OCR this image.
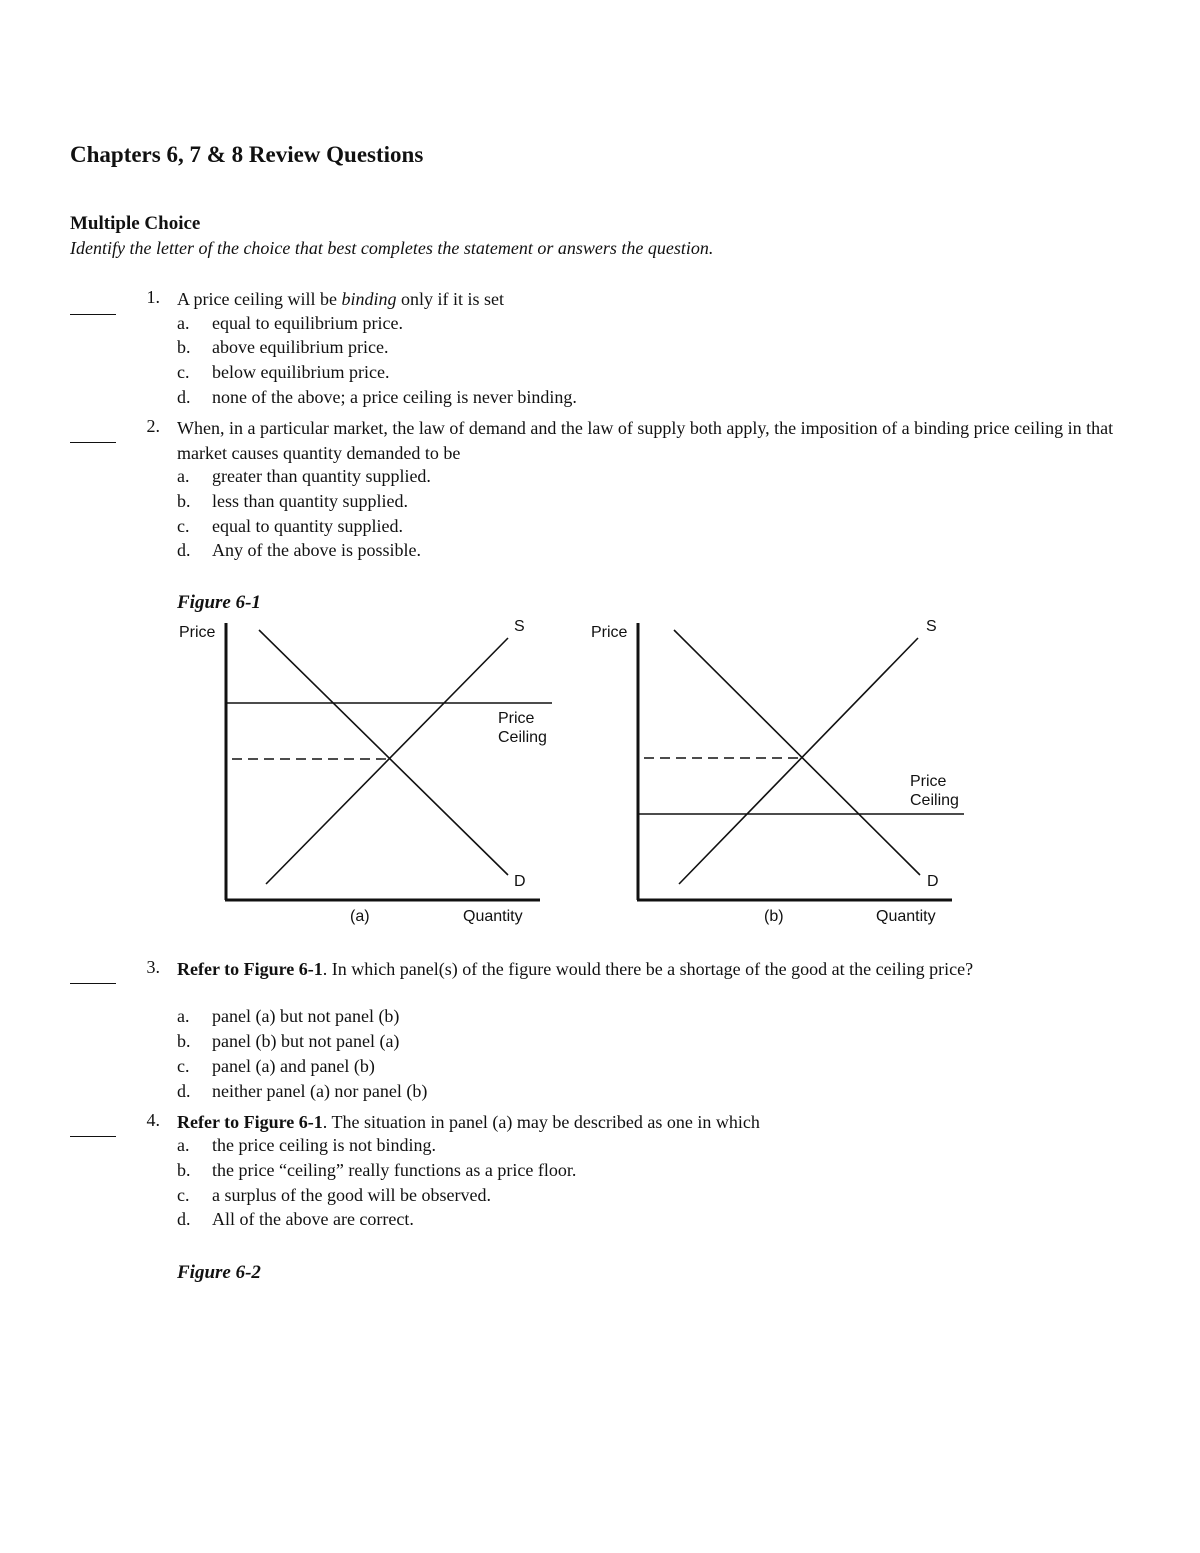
Chapters 6, 7 & 8 Review Questions
Multiple Choice
Identify the letter of the choice that best completes the statement or answers the question.
1. A price ceiling will be binding only if it is set
a. equal to equilibrium price.
b. above equilibrium price.
c. below equilibrium price.
d. none of the above; a price ceiling is never binding.
2. When, in a particular market, the law of demand and the law of supply both apply, the imposition of a binding price ceiling in that market causes quantity demanded to be
a. greater than quantity supplied.
b. less than quantity supplied.
c. equal to quantity supplied.
d. Any of the above is possible.
Figure 6-1
Price	S
D
Price
Ceiling
(a)	Quantity
Price	S
D
Price
Ceiling
(b)	Quantity
3. Refer to Figure 6-1. In which panel(s) of the figure would there be a shortage of the good at the ceiling price?
a. panel (a) but not panel (b)
b. panel (b) but not panel (a)
c. panel (a) and panel (b)
d. neither panel (a) nor panel (b)
4. Refer to Figure 6-1. The situation in panel (a) may be described as one in which
a. the price ceiling is not binding.
b. the price “ceiling” really functions as a price floor.
c. a surplus of the good will be observed.
d. All of the above are correct.
Figure 6-2
